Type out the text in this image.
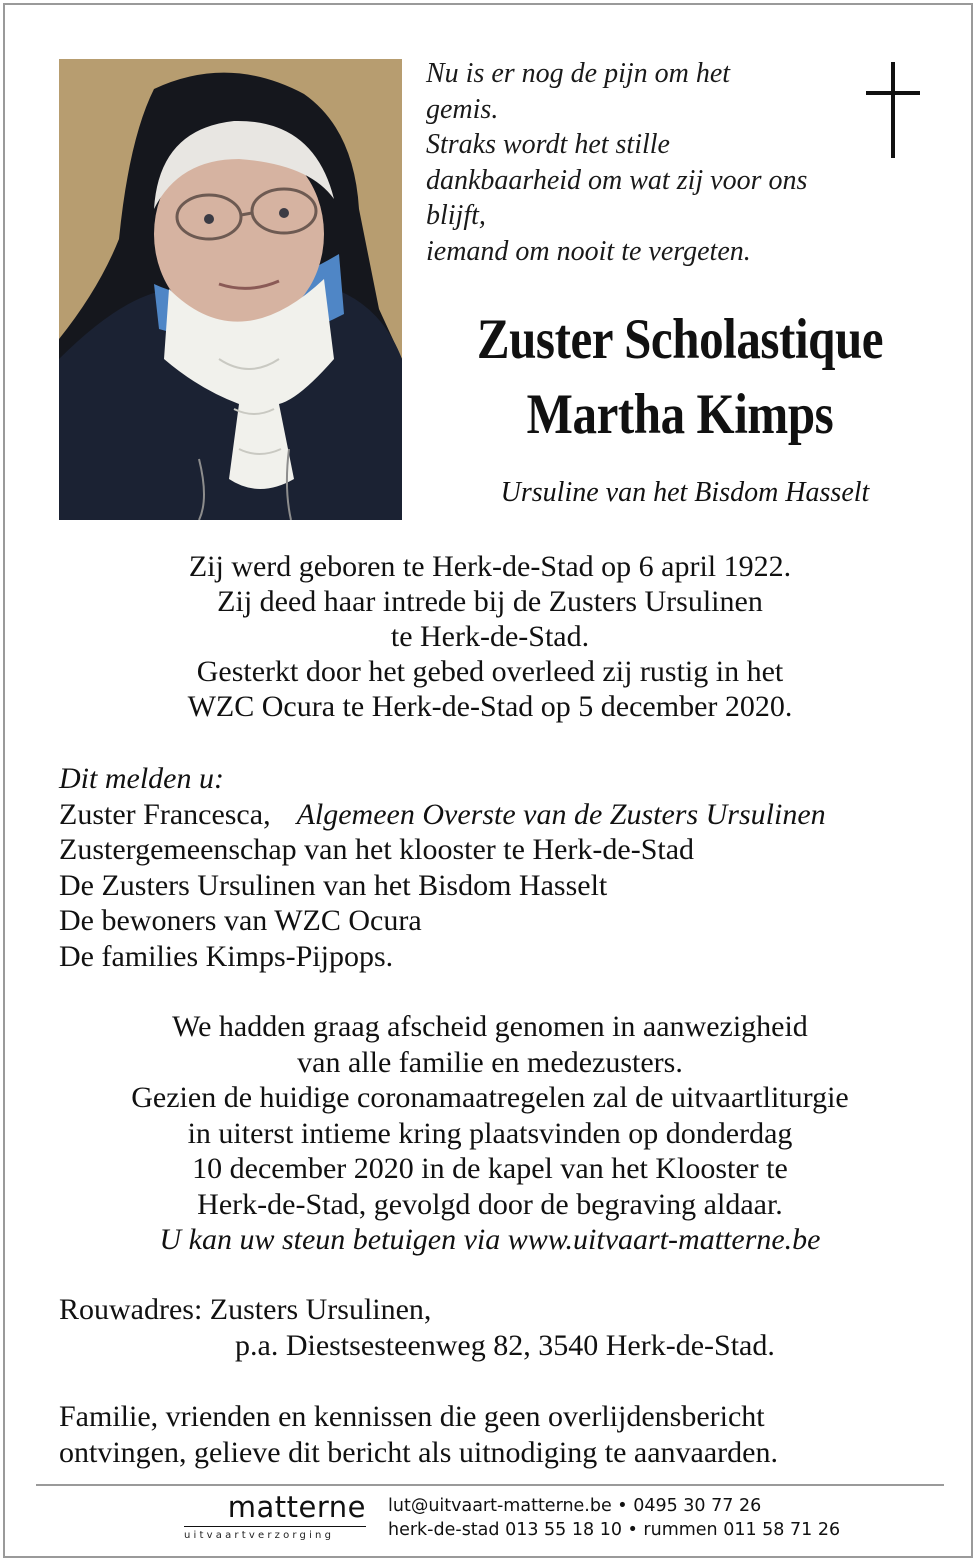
Nu is er nog de pijn om het
gemis.
Straks wordt het stille
dankbaarheid om wat zij voor ons
blijft,
iemand om nooit te vergeten.
Zuster Scholastique
Martha Kimps
Ursuline van het Bisdom Hasselt
Zij werd geboren te Herk-de-Stad op 6 april 1922.
Zij deed haar intrede bij de Zusters Ursulinen
te Herk-de-Stad.
Gesterkt door het gebed overleed zij rustig in het
WZC Ocura te Herk-de-Stad op 5 december 2020.
Dit melden u:
Zuster Francesca, Algemeen Overste van de Zusters Ursulinen
Zustergemeenschap van het klooster te Herk-de-Stad
De Zusters Ursulinen van het Bisdom Hasselt
De bewoners van WZC Ocura
De families Kimps-Pijpops.
We hadden graag afscheid genomen in aanwezigheid
van alle familie en medezusters.
Gezien de huidige coronamaatregelen zal de uitvaartliturgie
in uiterst intieme kring plaatsvinden op donderdag
10 december 2020 in de kapel van het Klooster te
Herk-de-Stad, gevolgd door de begraving aldaar.
U kan uw steun betuigen via www.uitvaart-matterne.be
Rouwadres: Zusters Ursulinen,
p.a. Diestsesteenweg 82, 3540 Herk-de-Stad.
Familie, vrienden en kennissen die geen overlijdensbericht
ontvingen, gelieve dit bericht als uitnodiging te aanvaarden.
matterne
uitvaartverzorging
lut@uitvaart-matterne.be • 0495 30 77 26
herk-de-stad 013 55 18 10 • rummen 011 58 71 26
